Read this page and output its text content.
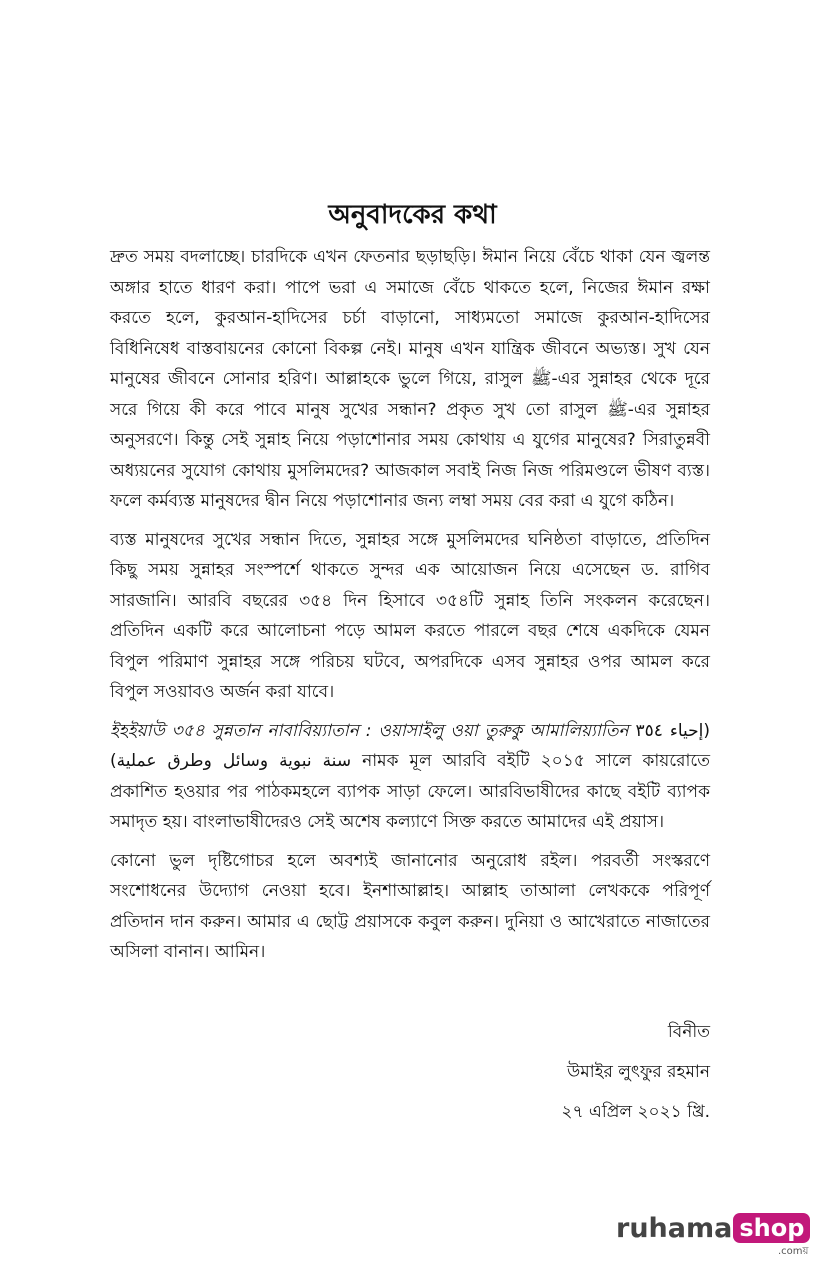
অনুবাদকের কথা

দ্রুত সময় বদলাচ্ছে। চারদিকে এখন ফেতনার ছড়াছড়ি। ঈমান নিয়ে বেঁচে থাকা যেন জ্বলন্ত অঙ্গার হাতে ধারণ করা। পাপে ভরা এ সমাজে বেঁচে থাকতে হলে, নিজের ঈমান রক্ষা করতে হলে, কুরআন-হাদিসের চর্চা বাড়ানো, সাধ্যমতো সমাজে কুরআন-হাদিসের বিধিনিষেধ বাস্তবায়নের কোনো বিকল্প নেই। মানুষ এখন যান্ত্রিক জীবনে অভ্যস্ত। সুখ যেন মানুষের জীবনে সোনার হরিণ। আল্লাহকে ভুলে গিয়ে, রাসুল ﷺ-এর সুন্নাহর থেকে দূরে সরে গিয়ে কী করে পাবে মানুষ সুখের সন্ধান? প্রকৃত সুখ তো রাসুল ﷺ-এর সুন্নাহর অনুসরণে। কিন্তু সেই সুন্নাহ নিয়ে পড়াশোনার সময় কোথায় এ যুগের মানুষের? সিরাতুন্নবী অধ্যয়নের সুযোগ কোথায় মুসলিমদের? আজকাল সবাই নিজ নিজ পরিমণ্ডলে ভীষণ ব্যস্ত। ফলে কর্মব্যস্ত মানুষদের দ্বীন নিয়ে পড়াশোনার জন্য লম্বা সময় বের করা এ যুগে কঠিন।

ব্যস্ত মানুষদের সুখের সন্ধান দিতে, সুন্নাহর সঙ্গে মুসলিমদের ঘনিষ্ঠতা বাড়াতে, প্রতিদিন কিছু সময় সুন্নাহর সংস্পর্শে থাকতে সুন্দর এক আয়োজন নিয়ে এসেছেন ড. রাগিব সারজানি। আরবি বছরের ৩৫৪ দিন হিসাবে ৩৫৪টি সুন্নাহ তিনি সংকলন করেছেন। প্রতিদিন একটি করে আলোচনা পড়ে আমল করতে পারলে বছর শেষে একদিকে যেমন বিপুল পরিমাণ সুন্নাহর সঙ্গে পরিচয় ঘটবে, অপরদিকে এসব সুন্নাহর ওপর আমল করে বিপুল সওয়াবও অর্জন করা যাবে।

ইহইয়াউ ৩৫৪ সুন্নতান নাবাবিয়্যাতান : ওয়াসাইলু ওয়া তুরুকু আমালিয়্যাতিন (إحياء ٣٥٤ سنة نبوية وسائل وطرق عملية) নামক মূল আরবি বইটি ২০১৫ সালে কায়রোতে প্রকাশিত হওয়ার পর পাঠকমহলে ব্যাপক সাড়া ফেলে। আরবিভাষীদের কাছে বইটি ব্যাপক সমাদৃত হয়। বাংলাভাষীদেরও সেই অশেষ কল্যাণে সিক্ত করতে আমাদের এই প্রয়াস।

কোনো ভুল দৃষ্টিগোচর হলে অবশ্যই জানানোর অনুরোধ রইল। পরবর্তী সংস্করণে সংশোধনের উদ্যোগ নেওয়া হবে। ইনশাআল্লাহ। আল্লাহ তাআলা লেখককে পরিপূর্ণ প্রতিদান দান করুন। আমার এ ছোট্ট প্রয়াসকে কবুল করুন। দুনিয়া ও আখেরাতে নাজাতের অসিলা বানান। আমিন।

বিনীত
উমাইর লুৎফুর রহমান
২৭ এপ্রিল ২০২১ খ্রি.
ruhama shop
.comয়
